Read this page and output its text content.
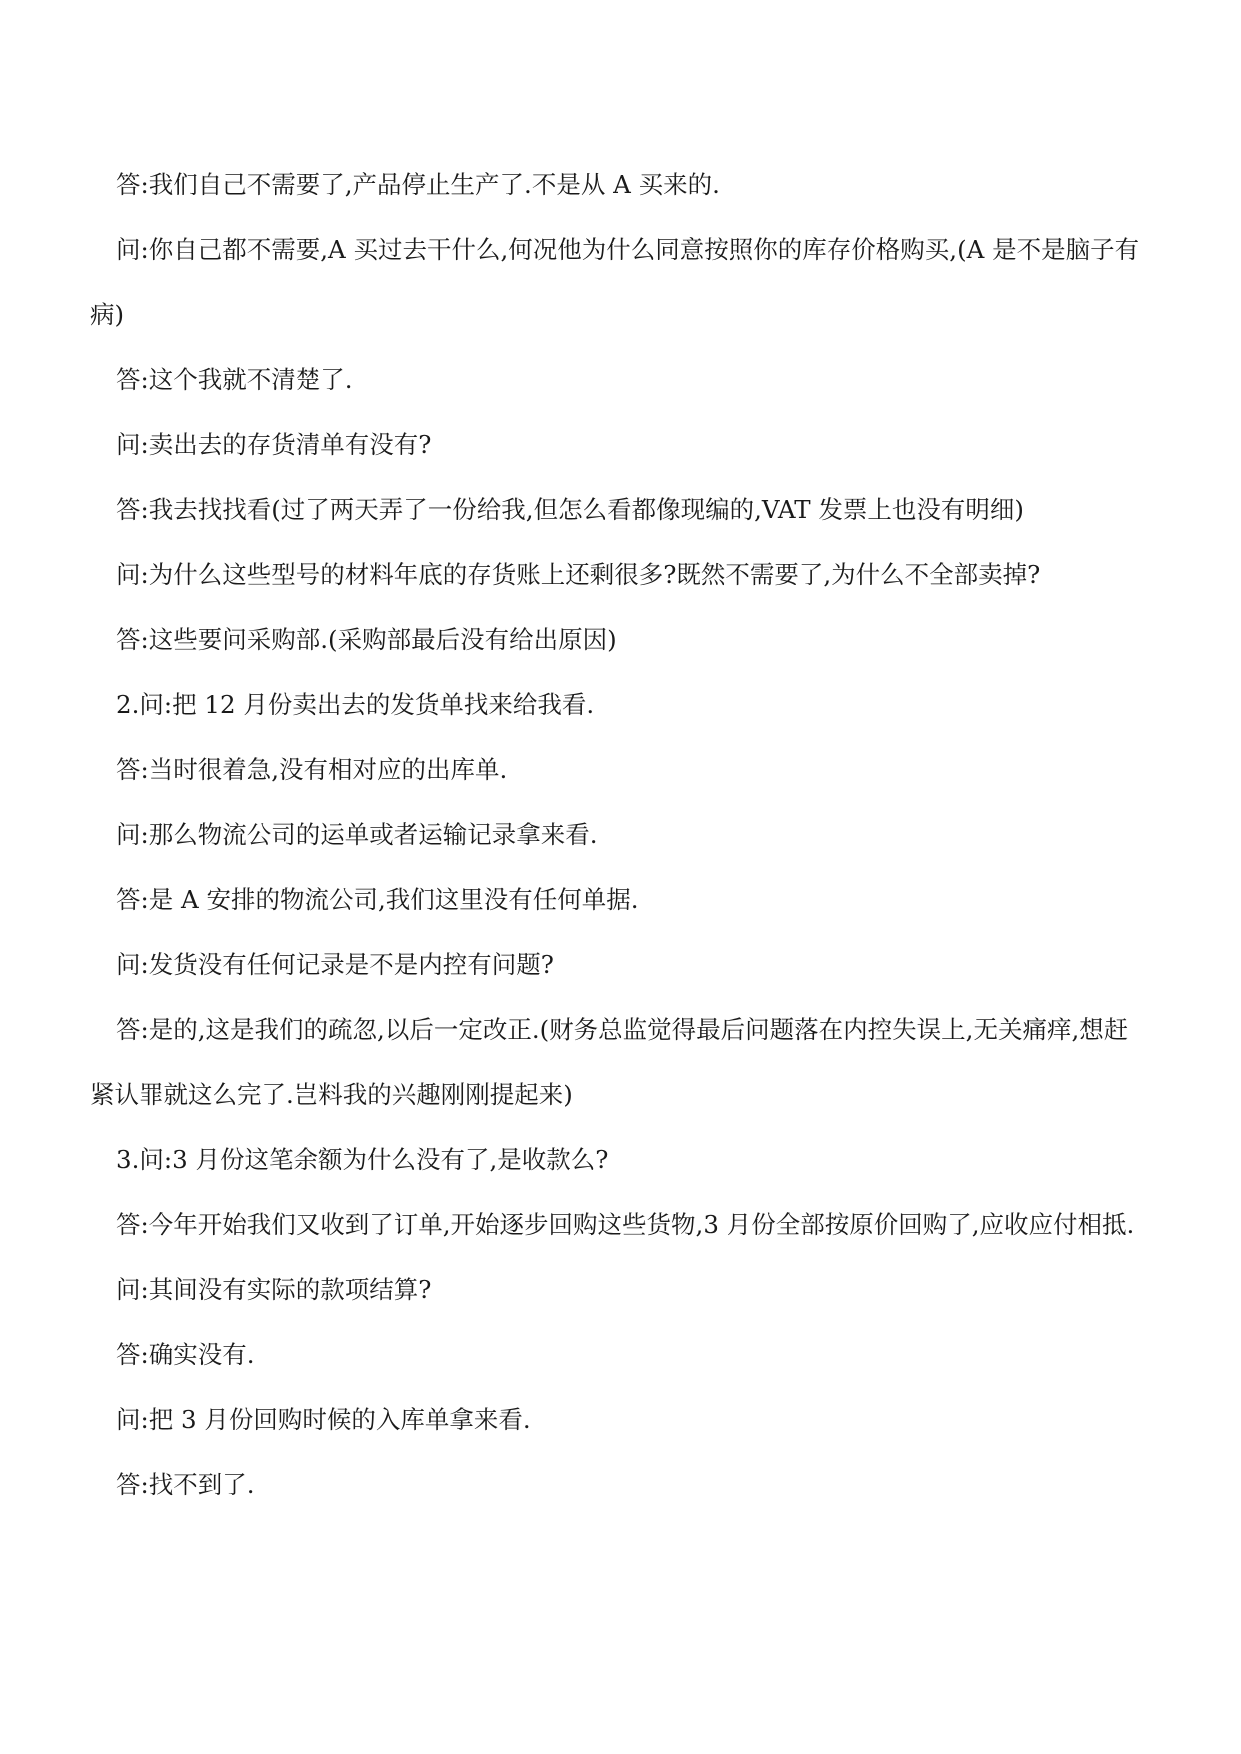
答:我们自己不需要了,产品停止生产了.不是从 A 买来的.

问:你自己都不需要,A 买过去干什么,何况他为什么同意按照你的库存价格购买,(A 是不是脑子有病)

答:这个我就不清楚了.

问:卖出去的存货清单有没有?

答:我去找找看(过了两天弄了一份给我,但怎么看都像现编的,VAT 发票上也没有明细)

问:为什么这些型号的材料年底的存货账上还剩很多?既然不需要了,为什么不全部卖掉?

答:这些要问采购部.(采购部最后没有给出原因)

2.问:把 12 月份卖出去的发货单找来给我看.

答:当时很着急,没有相对应的出库单.

问:那么物流公司的运单或者运输记录拿来看.

答:是 A 安排的物流公司,我们这里没有任何单据.

问:发货没有任何记录是不是内控有问题?

答:是的,这是我们的疏忽,以后一定改正.(财务总监觉得最后问题落在内控失误上,无关痛痒,想赶紧认罪就这么完了.岂料我的兴趣刚刚提起来)

3.问:3 月份这笔余额为什么没有了,是收款么?

答:今年开始我们又收到了订单,开始逐步回购这些货物,3 月份全部按原价回购了,应收应付相抵.

问:其间没有实际的款项结算?

答:确实没有.

问:把 3 月份回购时候的入库单拿来看.

答:找不到了.
